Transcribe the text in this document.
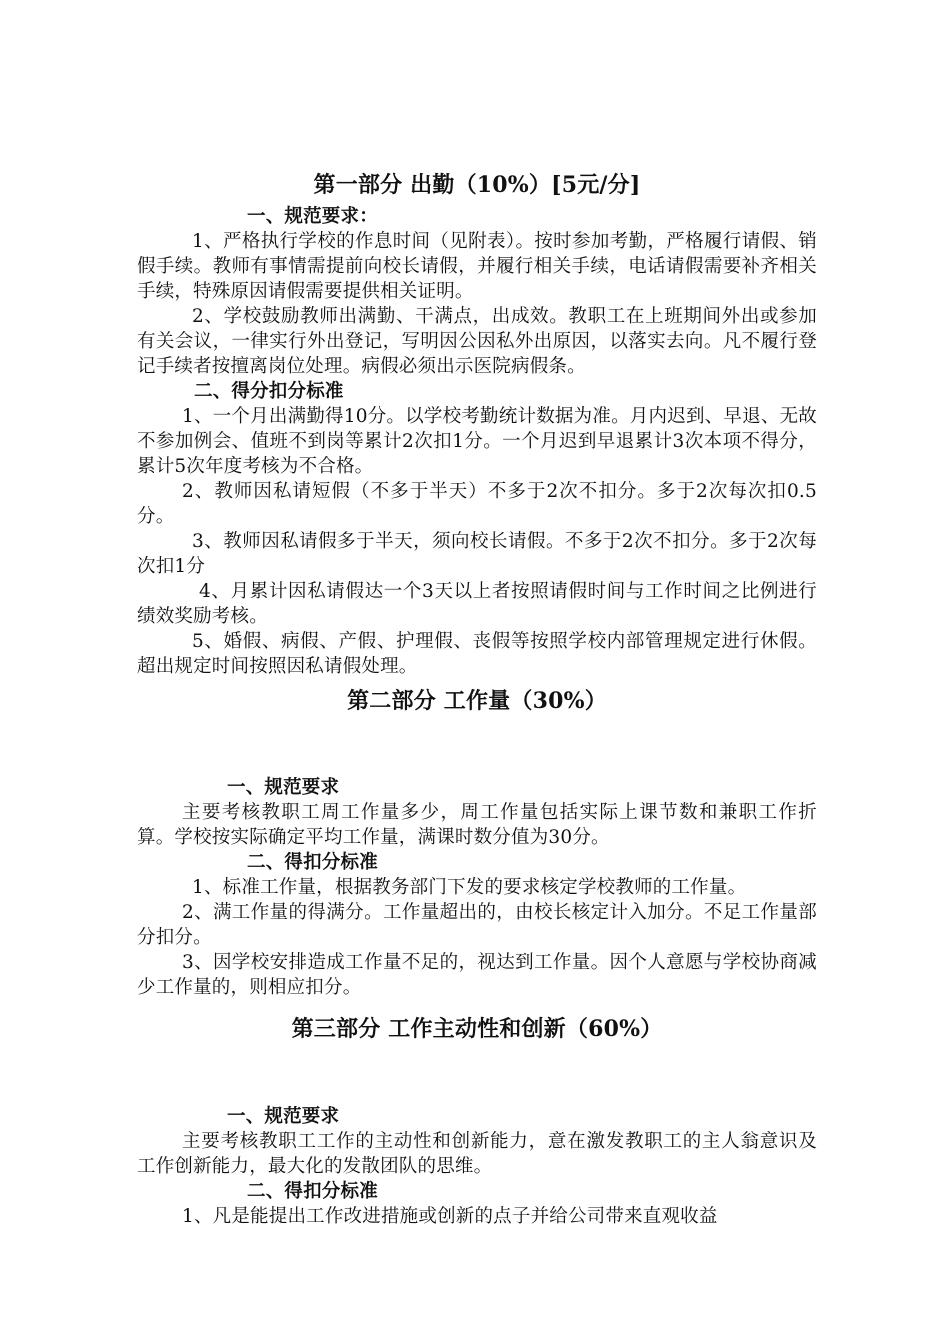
第一部分 出勤（10%）[5元/分]
一、规范要求：

1、严格执行学校的作息时间（见附表）。按时参加考勤，严格履行请假、销假手续。教师有事情需提前向校长请假，并履行相关手续，电话请假需要补齐相关手续，特殊原因请假需要提供相关证明。

2、学校鼓励教师出满勤、干满点，出成效。教职工在上班期间外出或参加有关会议，一律实行外出登记，写明因公因私外出原因，以落实去向。凡不履行登记手续者按擅离岗位处理。病假必须出示医院病假条。

二、得分扣分标准

1、一个月出满勤得10分。以学校考勤统计数据为准。月内迟到、早退、无故不参加例会、值班不到岗等累计2次扣1分。一个月迟到早退累计3次本项不得分，累计5次年度考核为不合格。

2、教师因私请短假（不多于半天）不多于2次不扣分。多于2次每次扣0.5分。

3、教师因私请假多于半天，须向校长请假。不多于2次不扣分。多于2次每次扣1分

4、月累计因私请假达一个3天以上者按照请假时间与工作时间之比例进行绩效奖励考核。

5、婚假、病假、产假、护理假、丧假等按照学校内部管理规定进行休假。超出规定时间按照因私请假处理。

第二部分 工作量（30%）
一、规范要求

主要考核教职工周工作量多少，周工作量包括实际上课节数和兼职工作折算。学校按实际确定平均工作量，满课时数分值为30分。

二、得扣分标准

1、标准工作量，根据教务部门下发的要求核定学校教师的工作量。

2、满工作量的得满分。工作量超出的，由校长核定计入加分。不足工作量部分扣分。

3、因学校安排造成工作量不足的，视达到工作量。因个人意愿与学校协商减少工作量的，则相应扣分。

第三部分 工作主动性和创新（60%）
一、规范要求

主要考核教职工工作的主动性和创新能力，意在激发教职工的主人翁意识及工作创新能力，最大化的发散团队的思维。

二、得扣分标准

1、凡是能提出工作改进措施或创新的点子并给公司带来直观收益
